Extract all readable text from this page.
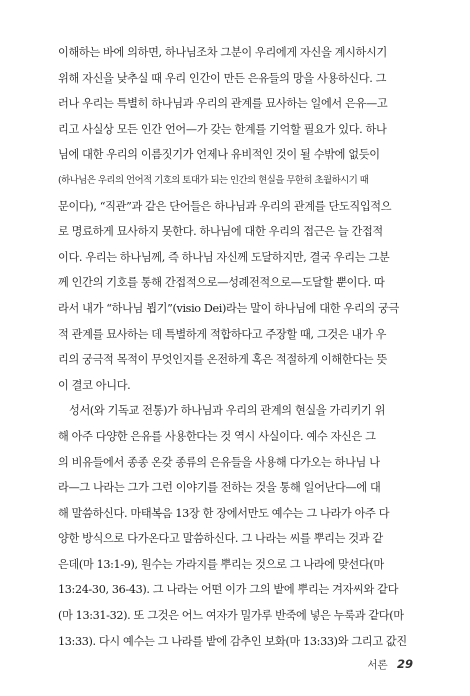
이해하는 바에 의하면, 하나님조차 그분이 우리에게 자신을 계시하시기
위해 자신을 낮추실 때 우리 인간이 만든 은유들의 망을 사용하신다. 그
러나 우리는 특별히 하나님과 우리의 관계를 묘사하는 일에서 은유—고
리고 사실상 모든 인간 언어—가 갖는 한계를 기억할 필요가 있다. 하나
님에 대한 우리의 이름짓기가 언제나 유비적인 것이 될 수밖에 없듯이
(하나님은 우리의 언어적 기호의 토대가 되는 인간의 현실을 무한히 초월하시기 때
문이다), “직관”과 같은 단어들은 하나님과 우리의 관계를 단도직입적으
로 명료하게 묘사하지 못한다. 하나님에 대한 우리의 접근은 늘 간접적
이다. 우리는 하나님께, 즉 하나님 자신께 도달하지만, 결국 우리는 그분
께 인간의 기호를 통해 간접적으로—성례전적으로—도달할 뿐이다. 따
라서 내가 “하나님 뵙기”(visio Dei)라는 말이 하나님에 대한 우리의 궁극
적 관계를 묘사하는 데 특별하게 적합하다고 주장할 때, 그것은 내가 우
리의 궁극적 목적이 무엇인지를 온전하게 혹은 적절하게 이해한다는 뜻
이 결코 아니다.
성서(와 기독교 전통)가 하나님과 우리의 관계의 현실을 가리키기 위
해 아주 다양한 은유를 사용한다는 것 역시 사실이다. 예수 자신은 그
의 비유들에서 종종 온갖 종류의 은유들을 사용해 다가오는 하나님 나
라—그 나라는 그가 그런 이야기를 전하는 것을 통해 일어난다—에 대
해 말씀하신다. 마태복음 13장 한 장에서만도 예수는 그 나라가 아주 다
양한 방식으로 다가온다고 말씀하신다. 그 나라는 씨를 뿌리는 것과 같
은데(마 13:1-9), 원수는 가라지를 뿌리는 것으로 그 나라에 맞선다(마
13:24-30, 36-43). 그 나라는 어떤 이가 그의 밭에 뿌리는 겨자씨와 같다
(마 13:31-32). 또 그것은 어느 여자가 밀가루 반죽에 넣은 누룩과 같다(마
13:33). 다시 예수는 그 나라를 밭에 감추인 보화(마 13:33)와 그리고 값진
서론 29
